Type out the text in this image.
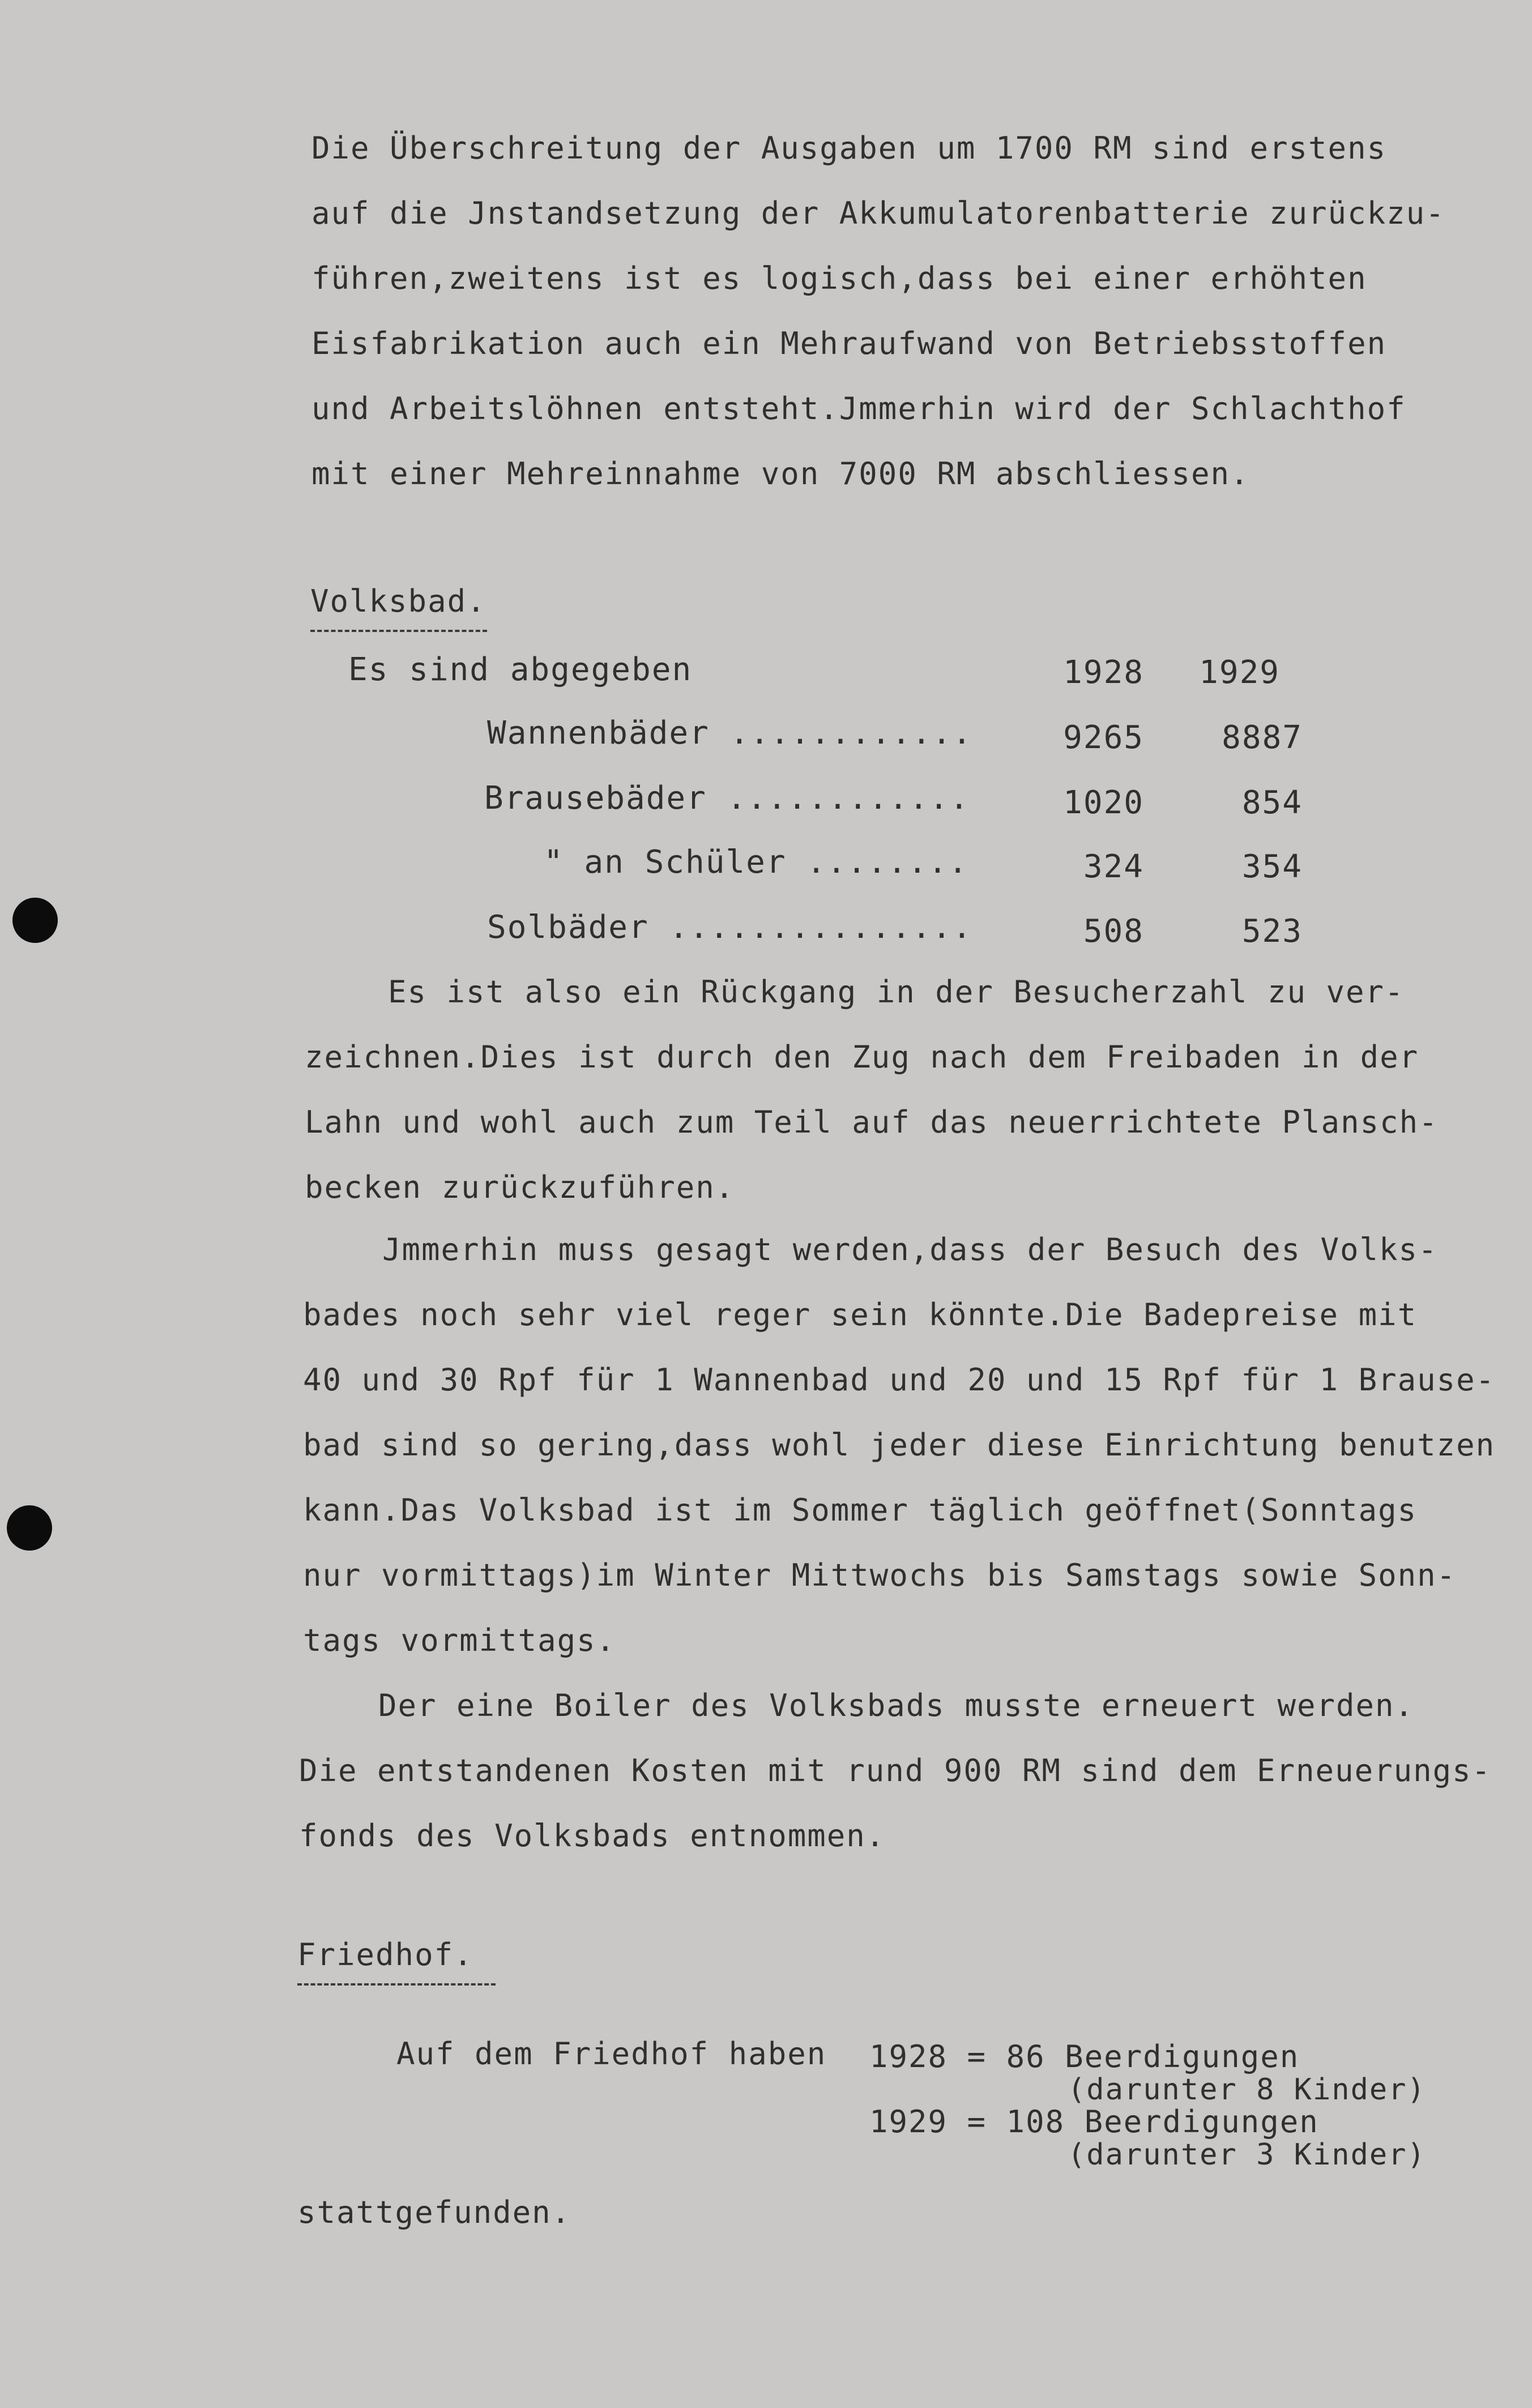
Die Überschreitung der Ausgaben um 1700 RM sind erstens
auf die Jnstandsetzung der Akkumulatorenbatterie zurückzu-
führen,zweitens ist es logisch,dass bei einer erhöhten
Eisfabrikation auch ein Mehraufwand von Betriebsstoffen
und Arbeitslöhnen entsteht.Jmmerhin wird der Schlachthof
mit einer Mehreinnahme von 7000 RM abschliessen.
Volksbad.
Es sind abgegeben	1928	1929
Wannenbäder ............	9265	8887
Brausebäder ............	1020	854
" an Schüler ........	324	354
Solbäder ...............	508	523
Es ist also ein Rückgang in der Besucherzahl zu ver-
zeichnen.Dies ist durch den Zug nach dem Freibaden in der
Lahn und wohl auch zum Teil auf das neuerrichtete Plansch-
becken zurückzuführen.
Jmmerhin muss gesagt werden,dass der Besuch des Volks-
bades noch sehr viel reger sein könnte.Die Badepreise mit
40 und 30 Rpf für 1 Wannenbad und 20 und 15 Rpf für 1 Brause-
bad sind so gering,dass wohl jeder diese Einrichtung benutzen
kann.Das Volksbad ist im Sommer täglich geöffnet(Sonntags
nur vormittags)im Winter Mittwochs bis Samstags sowie Sonn-
tags vormittags.
Der eine Boiler des Volksbads musste erneuert werden.
Die entstandenen Kosten mit rund 900 RM sind dem Erneuerungs-
fonds des Volksbads entnommen.
Friedhof.
Auf dem Friedhof haben 1928 = 86 Beerdigungen
(darunter 8 Kinder)
1929 = 108 Beerdigungen
(darunter 3 Kinder)
stattgefunden.
